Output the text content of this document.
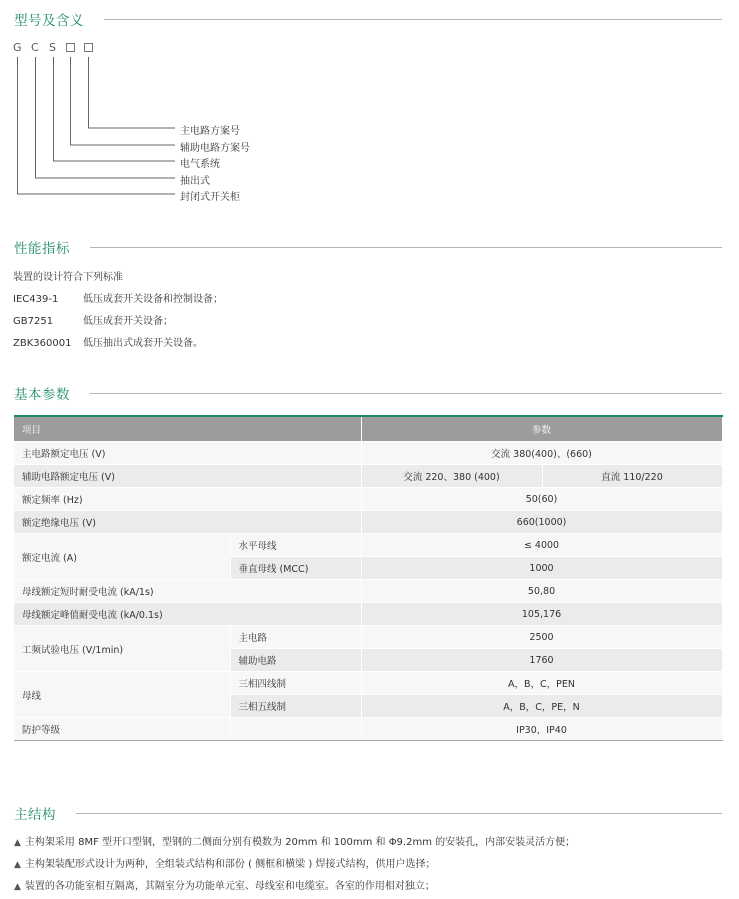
型号及含义
G C S
主电路方案号
辅助电路方案号
电气系统
抽出式
封闭式开关柜
性能指标
装置的设计符合下列标准
IEC439-1 低压成套开关设备和控制设备；
GB7251	低压成套开关设备；
ZBK360001 低压抽出式成套开关设备。
基本参数
项目		参数	
主电路额定电压 (V)		交流 380(400)、(660)	
辅助电路额定电压 (V)		交流 220、380 (400)	直流 110/220
额定频率 (Hz)		50(60)	
额定绝缘电压 (V)		660(1000)	
额定电流 (A)	水平母线	≤ 4000	
	垂直母线 (MCC)	1000	
母线额定短时耐受电流 (kA/1s)		50,80	
母线额定峰值耐受电流 (kA/0.1s)		105,176	
工频试验电压 (V/1min)	主电路	2500	
	辅助电路	1760	
母线	三相四线制	A，B，C，PEN	
	三相五线制	A，B，C，PE，N	
防护等级		IP30，IP40	
主结构
▲ 主构架采用 8MF 型开口型钢，型钢的二侧面分别有模数为 20mm 和 100mm 和 Φ9.2mm 的安装孔，内部安装灵活方便；
▲ 主构架装配形式设计为两种，全组装式结构和部份 ( 侧框和横梁 ) 焊接式结构，供用户选择；
▲ 装置的各功能室相互隔离，其隔室分为功能单元室、母线室和电缆室。各室的作用相对独立；
